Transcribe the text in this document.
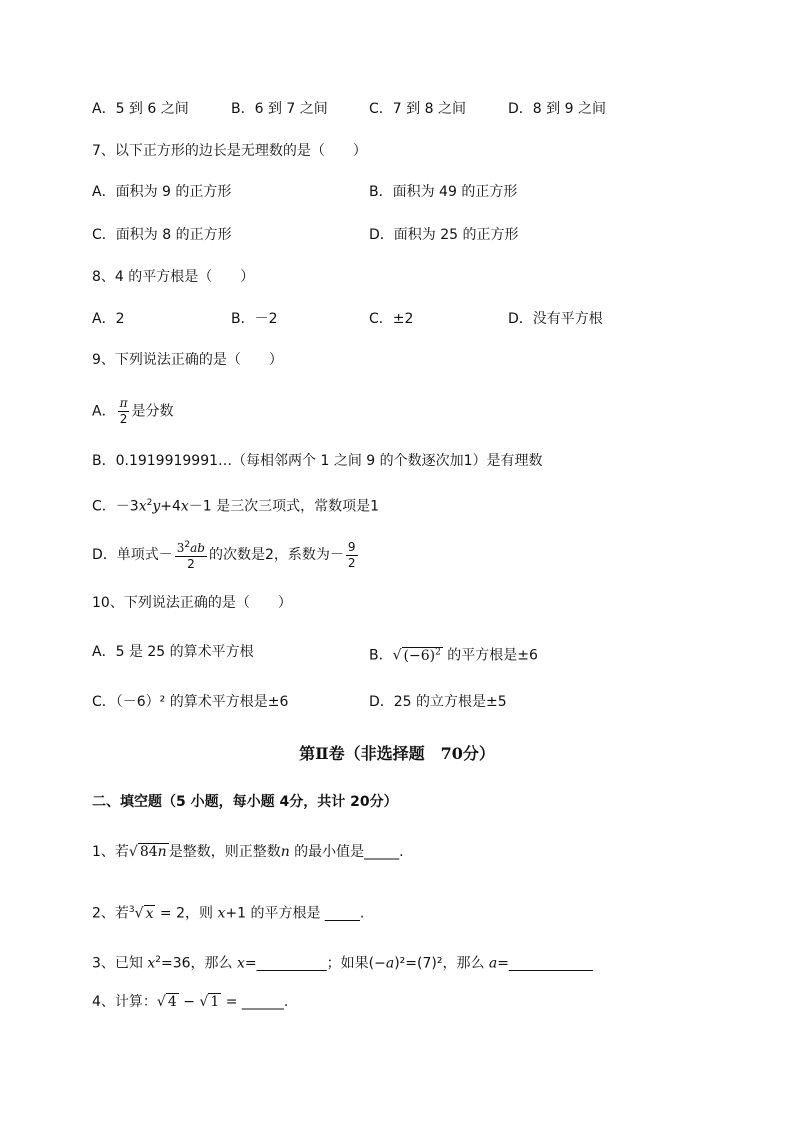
A．5 到 6 之间	B．6 到 7 之间	C．7 到 8 之间	D．8 到 9 之间
7、以下正方形的边长是无理数的是（　　）
A．面积为 9 的正方形	B．面积为 49 的正方形
C．面积为 8 的正方形	D．面积为 25 的正方形
8、4 的平方根是（　　）
A．2	B．－2	C．±2	D．没有平方根
9、下列说法正确的是（　　）
A． $\frac{\pi}{2}$ 是分数
B．0.1919919991…（每相邻两个 1 之间 9 的个数逐次加1）是有理数
C．$-3x^2y+4x-1$ 是三次三项式，常数项是1
D．单项式－ $\frac{3^2ab}{2}$ 的次数是2，系数为－ $\frac{9}{2}$
10、下列说法正确的是（　　）
A．5 是 25 的算术平方根	B．√ $(-6)^2$ 的平方根是±6
C．（－6）² 的算术平方根是±6	D．25 的立方根是±5
第Ⅱ卷（非选择题　70分）
二、填空题（5 小题，每小题 4分，共计 20分）
1、若√ 84n 是整数，则正整数n 的最小值是_____.
2、若$^3$√ x = 2，则 x+1 的平方根是 _____.
3、已知 $x^2=36$，那么 x=__________；如果(−a)²=(7)²，那么 a=____________
4、计算：√ 4 − √ 1 = ______.
